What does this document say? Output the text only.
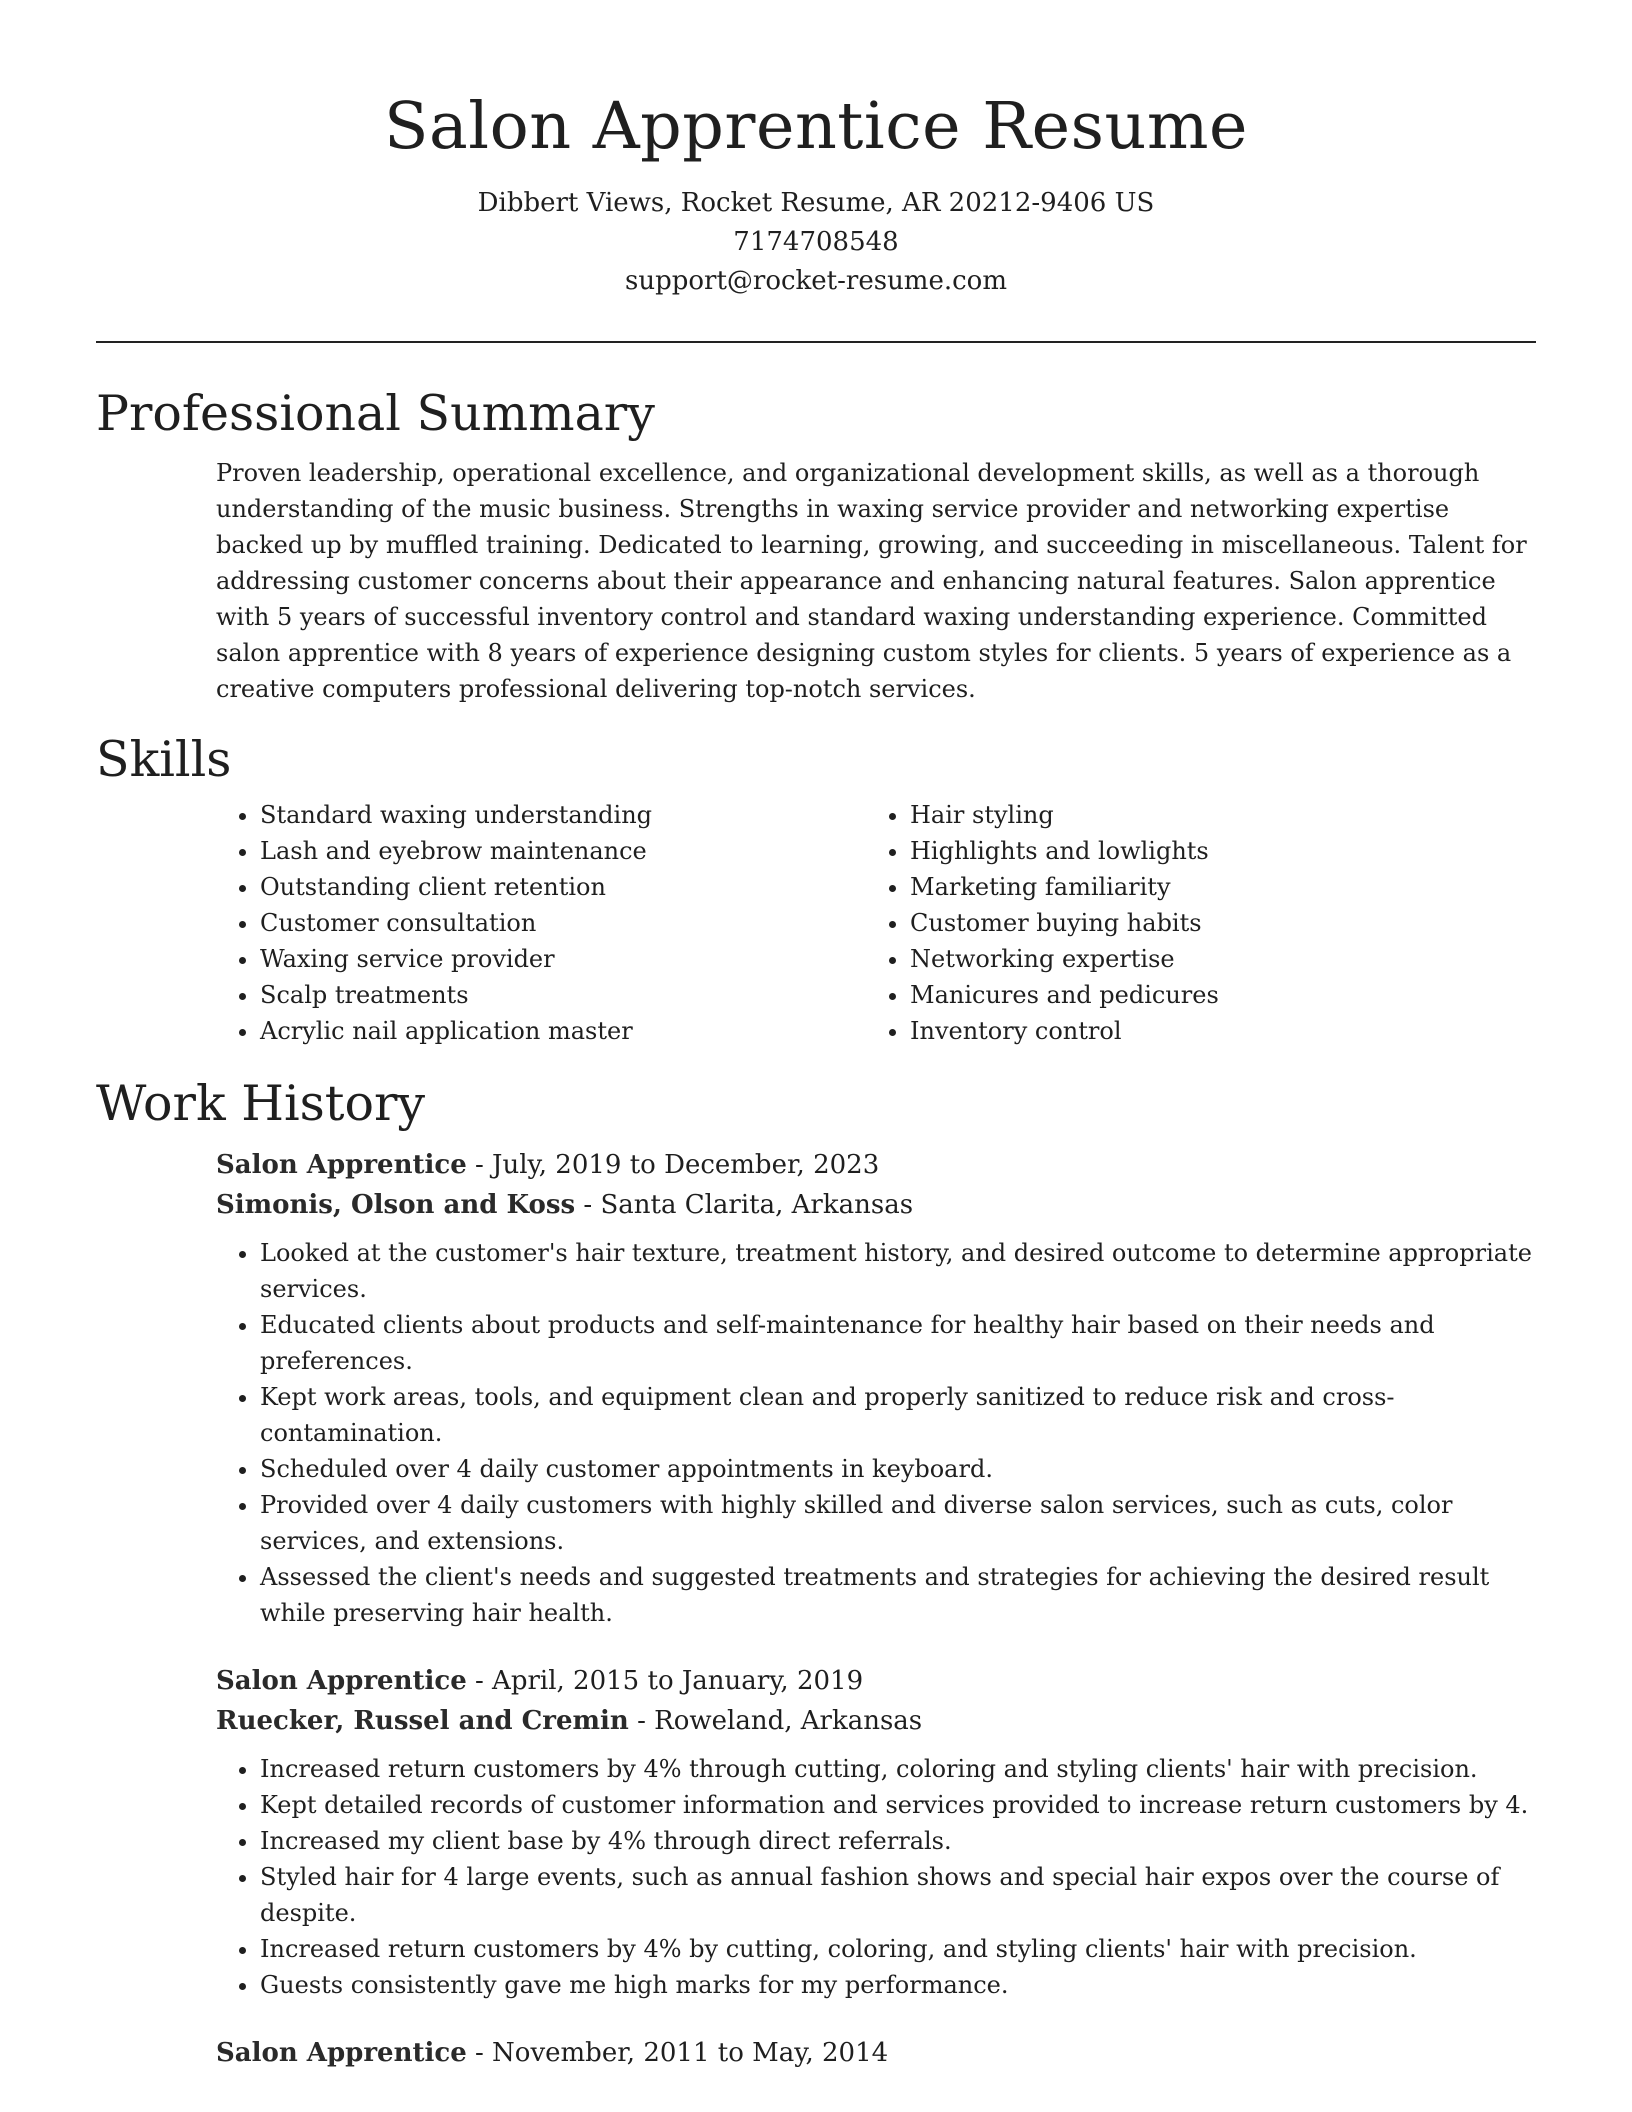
Salon Apprentice Resume
Dibbert Views, Rocket Resume, AR 20212-9406 US
7174708548
support@rocket-resume.com
Professional Summary
Proven leadership, operational excellence, and organizational development skills, as well as a thorough understanding of the music business. Strengths in waxing service provider and networking expertise backed up by muffled training. Dedicated to learning, growing, and succeeding in miscellaneous. Talent for addressing customer concerns about their appearance and enhancing natural features. Salon apprentice with 5 years of successful inventory control and standard waxing understanding experience. Committed salon apprentice with 8 years of experience designing custom styles for clients. 5 years of experience as a creative computers professional delivering top-notch services.
Skills
• Standard waxing understanding
• Lash and eyebrow maintenance
• Outstanding client retention
• Customer consultation
• Waxing service provider
• Scalp treatments
• Acrylic nail application master
• Hair styling
• Highlights and lowlights
• Marketing familiarity
• Customer buying habits
• Networking expertise
• Manicures and pedicures
• Inventory control
Work History
Salon Apprentice - July, 2019 to December, 2023
Simonis, Olson and Koss - Santa Clarita, Arkansas
• Looked at the customer's hair texture, treatment history, and desired outcome to determine appropriate services.
• Educated clients about products and self-maintenance for healthy hair based on their needs and preferences.
• Kept work areas, tools, and equipment clean and properly sanitized to reduce risk and cross-contamination.
• Scheduled over 4 daily customer appointments in keyboard.
• Provided over 4 daily customers with highly skilled and diverse salon services, such as cuts, color services, and extensions.
• Assessed the client's needs and suggested treatments and strategies for achieving the desired result while preserving hair health.
Salon Apprentice - April, 2015 to January, 2019
Ruecker, Russel and Cremin - Roweland, Arkansas
• Increased return customers by 4% through cutting, coloring and styling clients' hair with precision.
• Kept detailed records of customer information and services provided to increase return customers by 4.
• Increased my client base by 4% through direct referrals.
• Styled hair for 4 large events, such as annual fashion shows and special hair expos over the course of despite.
• Increased return customers by 4% by cutting, coloring, and styling clients' hair with precision.
• Guests consistently gave me high marks for my performance.
Salon Apprentice - November, 2011 to May, 2014
